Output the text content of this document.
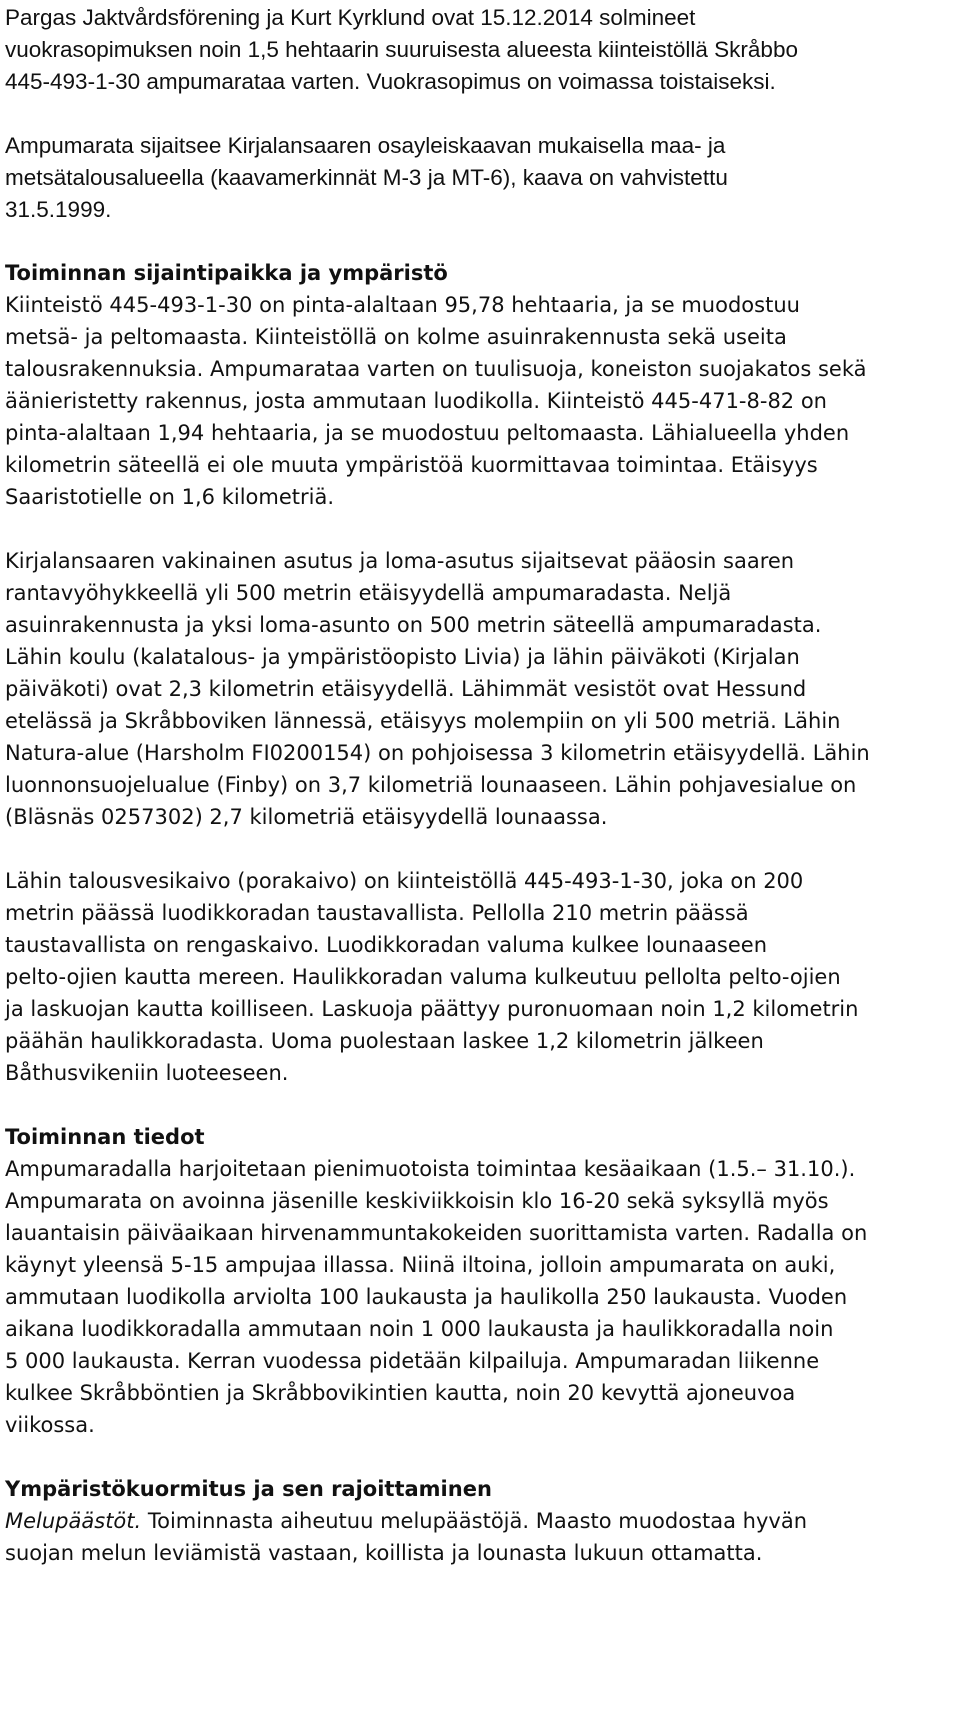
Pargas Jaktvårdsförening ja Kurt Kyrklund ovat 15.12.2014 solmineet
vuokrasopimuksen noin 1,5 hehtaarin suuruisesta alueesta kiinteistöllä Skråbbo
445-493-1-30 ampumarataa varten. Vuokrasopimus on voimassa toistaiseksi.
Ampumarata sijaitsee Kirjalansaaren osayleiskaavan mukaisella maa- ja
metsätalousalueella (kaavamerkinnät M-3 ja MT-6), kaava on vahvistettu
31.5.1999.
Toiminnan sijaintipaikka ja ympäristö
Kiinteistö 445-493-1-30 on pinta-alaltaan 95,78 hehtaaria, ja se muodostuu
metsä- ja peltomaasta. Kiinteistöllä on kolme asuinrakennusta sekä useita
talousrakennuksia. Ampumarataa varten on tuulisuoja, koneiston suojakatos sekä
äänieristetty rakennus, josta ammutaan luodikolla. Kiinteistö 445-471-8-82 on
pinta-alaltaan 1,94 hehtaaria, ja se muodostuu peltomaasta. Lähialueella yhden
kilometrin säteellä ei ole muuta ympäristöä kuormittavaa toimintaa. Etäisyys
Saaristotielle on 1,6 kilometriä.
Kirjalansaaren vakinainen asutus ja loma-asutus sijaitsevat pääosin saaren
rantavyöhykkeellä yli 500 metrin etäisyydellä ampumaradasta. Neljä
asuinrakennusta ja yksi loma-asunto on 500 metrin säteellä ampumaradasta.
Lähin koulu (kalatalous- ja ympäristöopisto Livia) ja lähin päiväkoti (Kirjalan
päiväkoti) ovat 2,3 kilometrin etäisyydellä. Lähimmät vesistöt ovat Hessund
etelässä ja Skråbboviken lännessä, etäisyys molempiin on yli 500 metriä. Lähin
Natura-alue (Harsholm FI0200154) on pohjoisessa 3 kilometrin etäisyydellä. Lähin
luonnonsuojelualue (Finby) on 3,7 kilometriä lounaaseen. Lähin pohjavesialue on
(Bläsnäs 0257302) 2,7 kilometriä etäisyydellä lounaassa.
Lähin talousvesikaivo (porakaivo) on kiinteistöllä 445-493-1-30, joka on 200
metrin päässä luodikkoradan taustavallista. Pellolla 210 metrin päässä
taustavallista on rengaskaivo. Luodikkoradan valuma kulkee lounaaseen
pelto-ojien kautta mereen. Haulikkoradan valuma kulkeutuu pellolta pelto-ojien
ja laskuojan kautta koilliseen. Laskuoja päättyy puronuomaan noin 1,2 kilometrin
päähän haulikkoradasta. Uoma puolestaan laskee 1,2 kilometrin jälkeen
Båthusvikeniin luoteeseen.
Toiminnan tiedot
Ampumaradalla harjoitetaan pienimuotoista toimintaa kesäaikaan (1.5.– 31.10.).
Ampumarata on avoinna jäsenille keskiviikkoisin klo 16-20 sekä syksyllä myös
lauantaisin päiväaikaan hirvenammuntakokeiden suorittamista varten. Radalla on
käynyt yleensä 5-15 ampujaa illassa. Niinä iltoina, jolloin ampumarata on auki,
ammutaan luodikolla arviolta 100 laukausta ja haulikolla 250 laukausta. Vuoden
aikana luodikkoradalla ammutaan noin 1 000 laukausta ja haulikkoradalla noin
5 000 laukausta. Kerran vuodessa pidetään kilpailuja. Ampumaradan liikenne
kulkee Skråbböntien ja Skråbbovikintien kautta, noin 20 kevyttä ajoneuvoa
viikossa.
Ympäristökuormitus ja sen rajoittaminen
Melupäästöt. Toiminnasta aiheutuu melupäästöjä. Maasto muodostaa hyvän
suojan melun leviämistä vastaan, koillista ja lounasta lukuun ottamatta.
